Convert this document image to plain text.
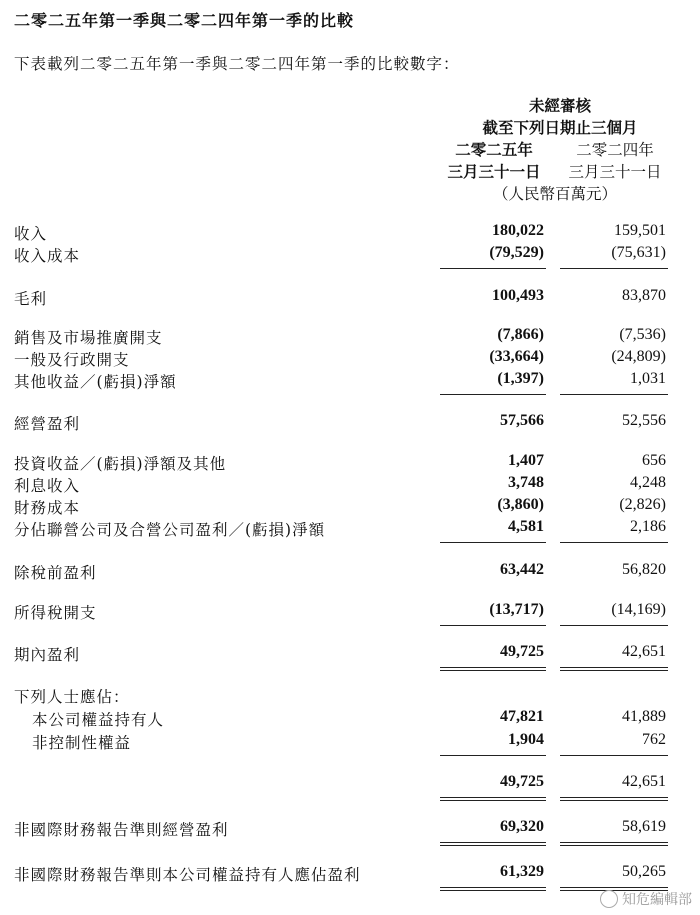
二零二五年第一季與二零二四年第一季的比較
下表載列二零二五年第一季與二零二四年第一季的比較數字：
未經審核
截至下列日期止三個月
二零二五年	二零二四年
三月三十一日	三月三十一日
（人民幣百萬元）
收入	180,022	159,501
收入成本	(79,529)	(75,631)
毛利	100,493	83,870
銷售及市場推廣開支	(7,866)	(7,536)
一般及行政開支	(33,664)	(24,809)
其他收益／(虧損)淨額	(1,397)	1,031
經營盈利	57,566	52,556
投資收益／(虧損)淨額及其他	1,407	656
利息收入	3,748	4,248
財務成本	(3,860)	(2,826)
分佔聯營公司及合營公司盈利／(虧損)淨額	4,581	2,186
除稅前盈利	63,442	56,820
所得稅開支	(13,717)	(14,169)
期內盈利	49,725	42,651
下列人士應佔：
本公司權益持有人	47,821	41,889
非控制性權益	1,904	762
49,725	42,651
非國際財務報告準則經營盈利	69,320	58,619
非國際財務報告準則本公司權益持有人應佔盈利	61,329	50,265
知危編輯部
